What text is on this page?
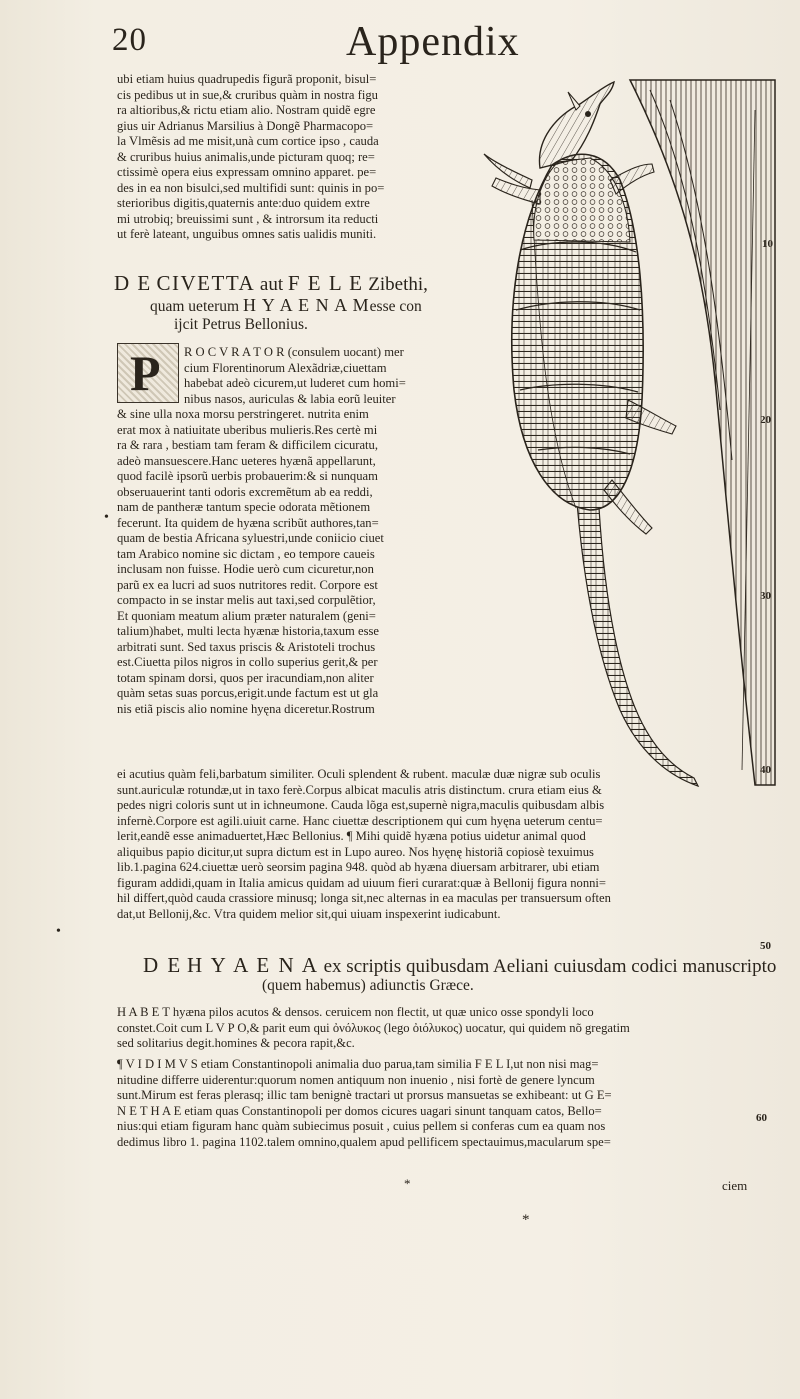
20	Appendix

ubi etiam huius quadrupedis figurã proponit, bisul=

cis pedibus ut in sue,& cruribus quàm in nostra figu

ra altioribus,& rictu etiam alio. Nostram quidẽ egre

gius uir Adrianus Marsilius à Dongẽ Pharmacopo=

la Vlmẽsis ad me misit,unà cum cortice ipso , cauda

& cruribus huius animalis,unde picturam quoq; re=

ctissimè opera eius expressam omnino apparet. pe=

des in ea non bisulci,sed multifidi sunt: quinis in po=

sterioribus digitis,quaternis ante:duo quidem extre

mi utrobiq; breuissimi sunt , & introrsum ita reducti

ut ferè lateant, unguibus omnes satis ualidis muniti.

D E CIVETTA aut F E L E Zibethi,
quam ueterum H Y A E N A Messe con
ijcit Petrus Bellonius.
P R O C V R A T O R (consulem uocant) mer

cium Florentinorum Alexãdriæ,ciuettam

habebat adeò cicurem,ut luderet cum homi=

nibus nasos, auriculas & labia eorũ leuiter

& sine ulla noxa morsu perstringeret. nutrita enim

erat mox à natiuitate uberibus mulieris.Res certè mi

ra & rara , bestiam tam feram & difficilem cicuratu,

adeò mansuescere.Hanc ueteres hyænã appellarunt,

quod facilè ipsorũ uerbis probauerim:& si nunquam

obseruauerint tanti odoris excremẽtum ab ea reddi,

nam de pantheræ tantum specie odorata mẽtionem

fecerunt. Ita quidem de hyæna scribũt authores,tan=

quam de bestia Africana syluestri,unde coniicio ciuet

tam Arabico nomine sic dictam , eo tempore caueis

inclusam non fuisse. Hodie uerò cum cicuretur,non

parũ ex ea lucri ad suos nutritores redit. Corpore est

compacto in se instar melis aut taxi,sed corpulẽtior,

Et quoniam meatum alium præter naturalem (geni=

talium)habet, multi lecta hyænæ historia,taxum esse

arbitrati sunt. Sed taxus priscis & Aristoteli trochus

est.Ciuetta pilos nigros in collo superius gerit,& per

totam spinam dorsi, quos per iracundiam,non aliter

quàm setas suas porcus,erigit.unde factum est ut gla

nis etiã piscis alio nomine hyęna diceretur.Rostrum

ei acutius quàm feli,barbatum similiter. Oculi splendent & rubent. maculæ duæ nigræ sub oculis

sunt.auriculæ rotundæ,ut in taxo ferè.Corpus albicat maculis atris distinctum. crura etiam eius &

pedes nigri coloris sunt ut in ichneumone. Cauda lõga est,supernè nigra,maculis quibusdam albis

infernè.Corpore est agili.uiuit carne. Hanc ciuettæ descriptionem qui cum hyęna ueterum centu=

lerit,eandẽ esse animaduertet,Hæc Bellonius. ¶ Mihi quidẽ hyæna potius uidetur animal quod

aliquibus papio dicitur,ut supra dictum est in Lupo aureo. Nos hyęnę historiã copiosè texuimus

lib.1.pagina 624.ciuettæ uerò seorsim pagina 948. quòd ab hyæna diuersam arbitrarer, ubi etiam

figuram addidi,quam in Italia amicus quidam ad uiuum fieri curarat:quæ à Bellonij figura nonni=

hil differt,quòd cauda crassiore minusq; longa sit,nec alternas in ea maculas per transuersum often

dat,ut Bellonij,&c. Vtra quidem melior sit,qui uiuam inspexerint iudicabunt.

D E H Y A E N A ex scriptis quibusdam Aeliani cuiusdam codici manuscripto
(quem habemus) adiunctis Græce.

H A B E T hyæna pilos acutos & densos. ceruicem non flectit, ut quæ unico osse spondyli loco

constet.Coit cum L V P O,& parit eum qui ὀνόλυκος (lego ὀιόλυκος) uocatur, qui quidem nõ gregatim

sed solitarius degit.homines & pecora rapit,&c.

¶ V I D I M V S etiam Constantinopoli animalia duo parua,tam similia F E L I,ut non nisi mag=

nitudine differre uiderentur:quorum nomen antiquum non inuenio , nisi fortè de genere lyncum

sunt.Mirum est feras plerasq; illic tam benignè tractari ut prorsus mansuetas se exhibeant: ut G E=

N E T H A E etiam quas Constantinopoli per domos cicures uagari sinunt tanquam catos, Bello=

nius:qui etiam figuram hanc quàm subiecimus posuit , cuius pellem si conferas cum ea quam nos

dedimus libro 1. pagina 1102.talem omnino,qualem apud pellificem spectauimus,macularum spe=

ciem
*
*
50
60
•
•
